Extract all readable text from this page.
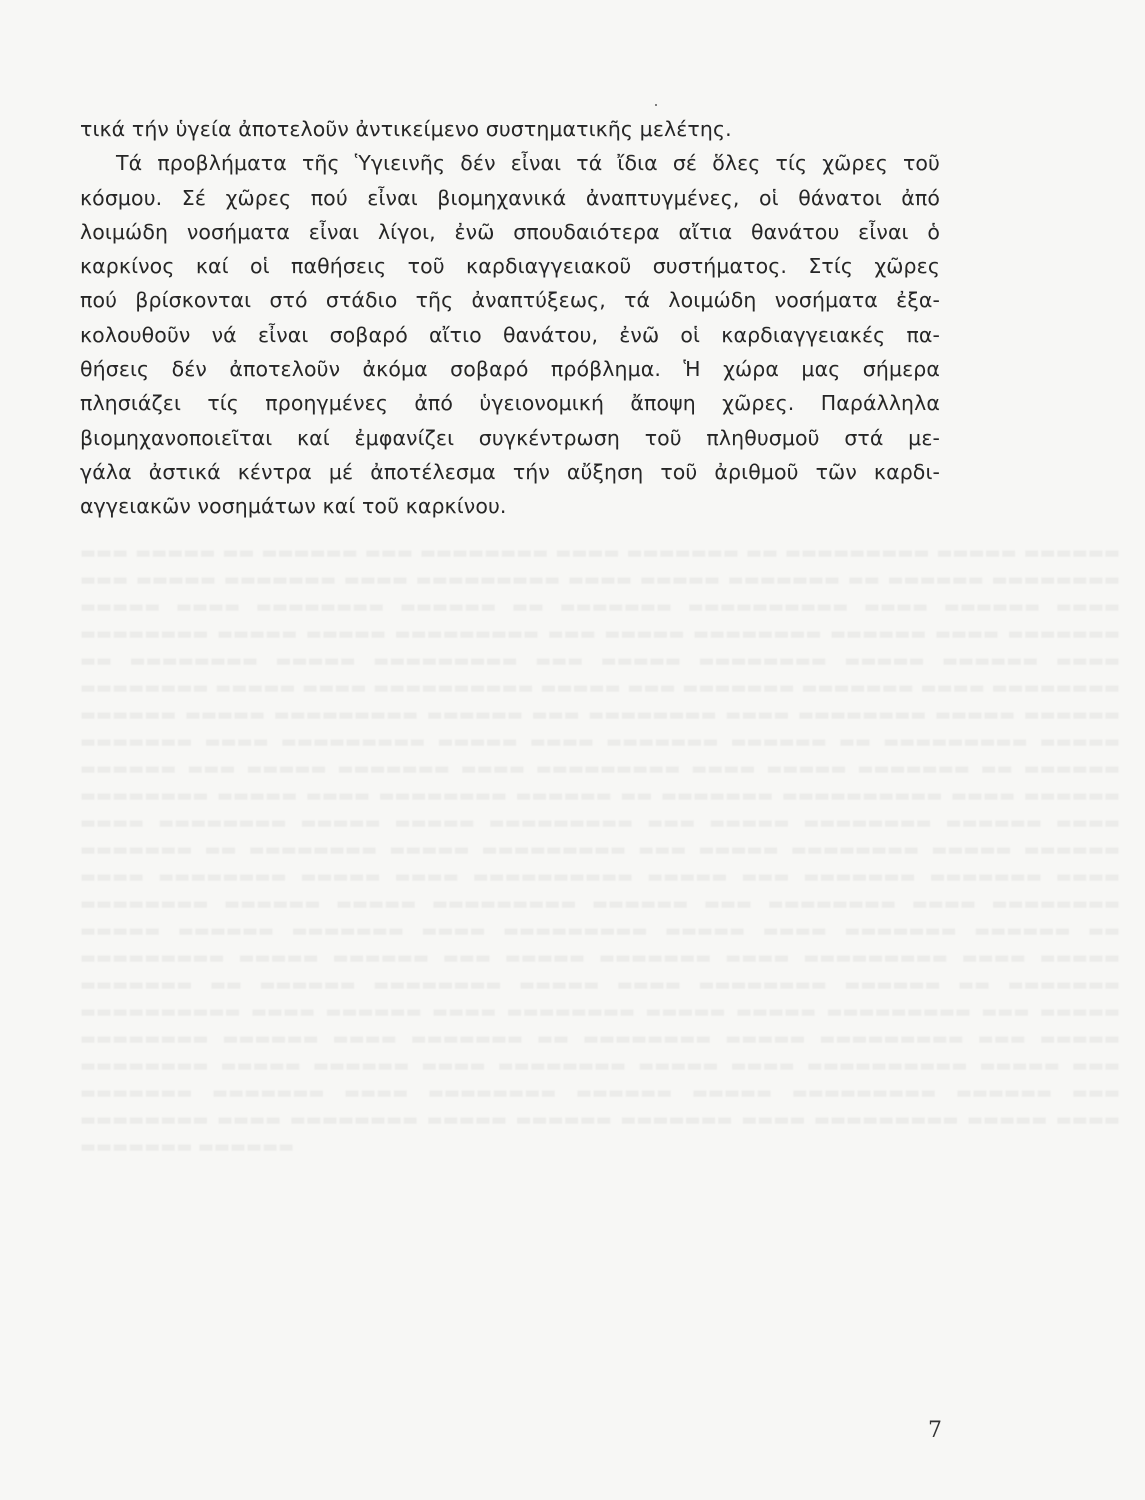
▬▬▬ ▬▬▬▬▬ ▬▬ ▬▬▬▬▬▬ ▬▬▬ ▬▬▬▬▬▬▬▬ ▬▬▬▬ ▬▬▬▬▬▬▬ ▬▬ ▬▬▬▬▬▬▬▬▬ ▬▬▬▬▬ ▬▬▬▬▬▬ ▬▬▬ ▬▬▬▬▬ ▬▬▬▬▬▬▬ ▬▬▬▬ ▬▬▬▬▬▬▬▬▬ ▬▬▬▬ ▬▬▬▬▬ ▬▬▬▬▬▬▬ ▬▬ ▬▬▬▬▬▬ ▬▬▬▬▬▬▬▬ ▬▬▬▬▬ ▬▬▬▬ ▬▬▬▬▬▬▬▬ ▬▬▬▬▬▬ ▬▬ ▬▬▬▬▬▬▬ ▬▬▬▬▬▬▬▬▬▬ ▬▬▬▬ ▬▬▬▬▬▬ ▬▬▬▬ ▬▬▬▬▬▬▬▬ ▬▬▬▬▬ ▬▬▬▬▬ ▬▬▬▬▬▬▬▬▬ ▬▬▬ ▬▬▬▬▬ ▬▬▬▬▬▬▬▬ ▬▬▬▬▬▬ ▬▬▬▬ ▬▬▬▬▬▬▬ ▬▬ ▬▬▬▬▬▬▬▬ ▬▬▬▬▬ ▬▬▬▬▬▬▬▬▬ ▬▬▬ ▬▬▬▬▬ ▬▬▬▬▬▬▬▬ ▬▬▬▬▬ ▬▬▬▬▬▬ ▬▬▬▬ ▬▬▬▬▬▬▬▬ ▬▬▬▬▬ ▬▬▬▬ ▬▬▬▬▬▬▬▬▬▬ ▬▬▬▬▬ ▬▬▬ ▬▬▬▬▬▬▬ ▬▬▬▬▬▬▬ ▬▬▬▬ ▬▬▬▬▬▬▬▬ ▬▬▬▬▬▬ ▬▬▬▬▬ ▬▬▬▬▬▬▬▬▬ ▬▬▬▬▬▬ ▬▬▬ ▬▬▬▬▬▬▬▬ ▬▬▬▬ ▬▬▬▬▬▬▬▬ ▬▬▬▬▬ ▬▬▬▬▬▬ ▬▬▬▬▬▬▬ ▬▬▬▬ ▬▬▬▬▬▬▬▬▬ ▬▬▬▬▬ ▬▬▬▬ ▬▬▬▬▬▬▬ ▬▬▬▬▬▬ ▬▬ ▬▬▬▬▬▬▬▬▬ ▬▬▬▬▬ ▬▬▬▬▬▬ ▬▬▬ ▬▬▬▬▬ ▬▬▬▬▬▬▬ ▬▬▬▬ ▬▬▬▬▬▬▬▬▬ ▬▬▬▬ ▬▬▬▬▬ ▬▬▬▬▬▬▬ ▬▬ ▬▬▬▬▬▬ ▬▬▬▬▬▬▬▬ ▬▬▬▬▬ ▬▬▬▬ ▬▬▬▬▬▬▬▬ ▬▬▬▬▬▬ ▬▬ ▬▬▬▬▬▬▬ ▬▬▬▬▬▬▬▬▬▬ ▬▬▬▬ ▬▬▬▬▬▬ ▬▬▬▬ ▬▬▬▬▬▬▬▬ ▬▬▬▬▬ ▬▬▬▬▬ ▬▬▬▬▬▬▬▬▬ ▬▬▬ ▬▬▬▬▬ ▬▬▬▬▬▬▬▬ ▬▬▬▬▬▬ ▬▬▬▬ ▬▬▬▬▬▬▬ ▬▬ ▬▬▬▬▬▬▬▬ ▬▬▬▬▬ ▬▬▬▬▬▬▬▬▬ ▬▬▬ ▬▬▬▬▬ ▬▬▬▬▬▬▬▬ ▬▬▬▬▬ ▬▬▬▬▬▬ ▬▬▬▬ ▬▬▬▬▬▬▬▬ ▬▬▬▬▬ ▬▬▬▬ ▬▬▬▬▬▬▬▬▬▬ ▬▬▬▬▬ ▬▬▬ ▬▬▬▬▬▬▬ ▬▬▬▬▬▬▬ ▬▬▬▬ ▬▬▬▬▬▬▬▬ ▬▬▬▬▬▬ ▬▬▬▬▬ ▬▬▬▬▬▬▬▬▬ ▬▬▬▬▬▬ ▬▬▬ ▬▬▬▬▬▬▬▬ ▬▬▬▬ ▬▬▬▬▬▬▬▬ ▬▬▬▬▬ ▬▬▬▬▬▬ ▬▬▬▬▬▬▬ ▬▬▬▬ ▬▬▬▬▬▬▬▬▬ ▬▬▬▬▬ ▬▬▬▬ ▬▬▬▬▬▬▬ ▬▬▬▬▬▬ ▬▬ ▬▬▬▬▬▬▬▬▬ ▬▬▬▬▬ ▬▬▬▬▬▬ ▬▬▬ ▬▬▬▬▬ ▬▬▬▬▬▬▬ ▬▬▬▬ ▬▬▬▬▬▬▬▬▬ ▬▬▬▬ ▬▬▬▬▬ ▬▬▬▬▬▬▬ ▬▬ ▬▬▬▬▬▬ ▬▬▬▬▬▬▬▬ ▬▬▬▬▬ ▬▬▬▬ ▬▬▬▬▬▬▬▬ ▬▬▬▬▬▬ ▬▬ ▬▬▬▬▬▬▬ ▬▬▬▬▬▬▬▬▬▬ ▬▬▬▬ ▬▬▬▬▬▬ ▬▬▬▬ ▬▬▬▬▬▬▬▬ ▬▬▬▬▬ ▬▬▬▬▬ ▬▬▬▬▬▬▬▬▬ ▬▬▬ ▬▬▬▬▬ ▬▬▬▬▬▬▬▬ ▬▬▬▬▬▬ ▬▬▬▬ ▬▬▬▬▬▬▬ ▬▬ ▬▬▬▬▬▬▬▬ ▬▬▬▬▬ ▬▬▬▬▬▬▬▬▬ ▬▬▬ ▬▬▬▬▬ ▬▬▬▬▬▬▬▬ ▬▬▬▬▬ ▬▬▬▬▬▬ ▬▬▬▬ ▬▬▬▬▬▬▬▬ ▬▬▬▬▬ ▬▬▬▬ ▬▬▬▬▬▬▬▬▬▬ ▬▬▬▬▬ ▬▬▬ ▬▬▬▬▬▬▬ ▬▬▬▬▬▬▬ ▬▬▬▬ ▬▬▬▬▬▬▬▬ ▬▬▬▬▬▬ ▬▬▬▬▬ ▬▬▬▬▬▬▬▬▬ ▬▬▬▬▬▬ ▬▬▬ ▬▬▬▬▬▬▬▬ ▬▬▬▬ ▬▬▬▬▬▬▬▬ ▬▬▬▬▬ ▬▬▬▬▬▬ ▬▬▬▬▬▬▬ ▬▬▬▬ ▬▬▬▬▬▬▬▬▬ ▬▬▬▬▬ ▬▬▬▬ ▬▬▬▬▬▬▬ ▬▬▬▬▬▬

τικά τήν ὑγεία ἀποτελοῦν ἀντικείμενο συστηματικῆς μελέτης.
Τά προβλήματα τῆς Ὑγιεινῆς δέν εἶναι τά ἴδια σέ ὅλες τίς χῶρες τοῦ
κόσμου. Σέ χῶρες πού εἶναι βιομηχανικά ἀναπτυγμένες, οἱ θάνατοι ἀπό
λοιμώδη νοσήματα εἶναι λίγοι, ἐνῶ σπουδαιότερα αἴτια θανάτου εἶναι ὁ
καρκίνος καί οἱ παθήσεις τοῦ καρδιαγγειακοῦ συστήματος. Στίς χῶρες
πού βρίσκονται στό στάδιο τῆς ἀναπτύξεως, τά λοιμώδη νοσήματα ἐξα-
κολουθοῦν νά εἶναι σοβαρό αἴτιο θανάτου, ἐνῶ οἱ καρδιαγγειακές πα-
θήσεις δέν ἀποτελοῦν ἀκόμα σοβαρό πρόβλημα. Ἡ χώρα μας σήμερα
πλησιάζει τίς προηγμένες ἀπό ὑγειονομική ἄποψη χῶρες. Παράλληλα
βιομηχανοποιεῖται καί ἐμφανίζει συγκέντρωση τοῦ πληθυσμοῦ στά με-
γάλα ἀστικά κέντρα μέ ἀποτέλεσμα τήν αὔξηση τοῦ ἀριθμοῦ τῶν καρδι-
αγγειακῶν νοσημάτων καί τοῦ καρκίνου.
7
